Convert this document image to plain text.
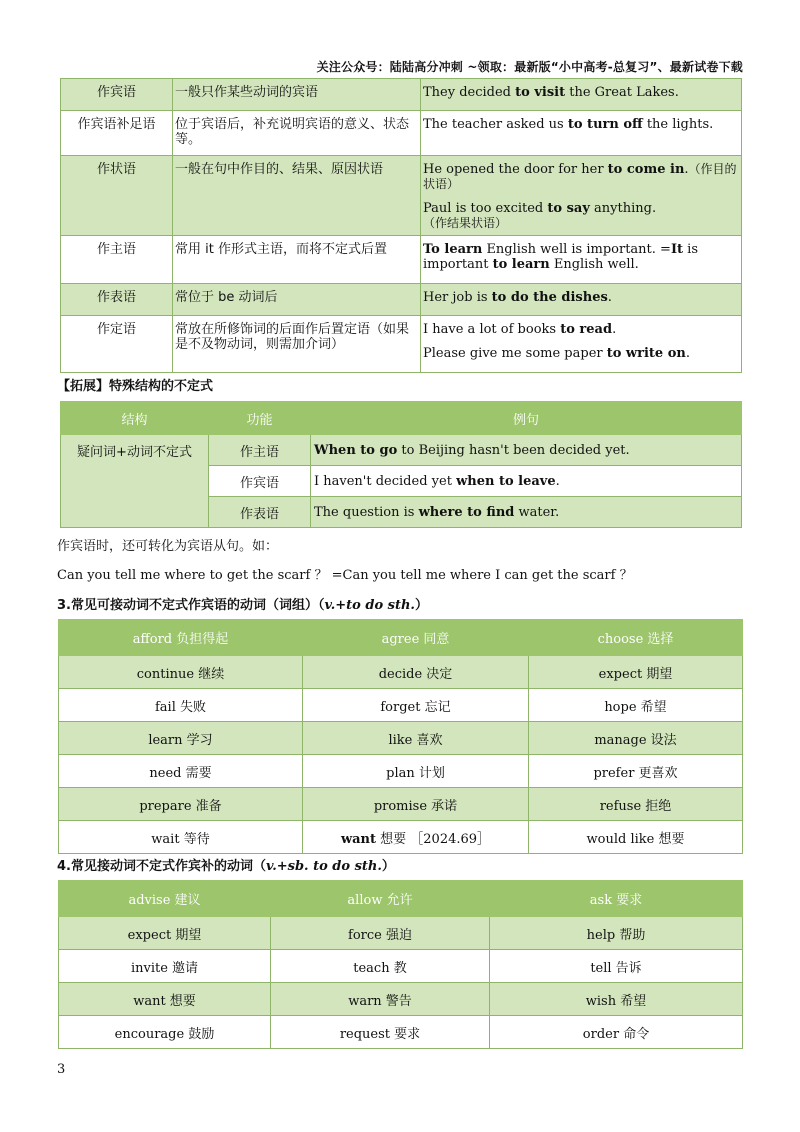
关注公众号：陆陆高分冲刺 ~领取：最新版“小中高考-总复习”、最新试卷下载
作宾语	一般只作某些动词的宾语	They decided to visit the Great Lakes.

作宾语补足语	位于宾语后，补充说明宾语的意义、状态等。	The teacher asked us to turn off the lights.

作状语	一般在句中作目的、结果、原因状语	He opened the door for her to come in.（作目的状语）
Paul is too excited to say anything.（作结果状语）

作主语	常用 it 作形式主语，而将不定式后置	To learn English well is important. =It is important to learn English well.

作表语	常位于 be 动词后	Her job is to do the dishes.

作定语	常放在所修饰词的后面作后置定语（如果是不及物动词，则需加介词）	I have a lot of books to read.
Please give me some paper to write on.
【拓展】特殊结构的不定式
结构	功能	例句
疑问词+动词不定式	作主语	When to go to Beijing hasn't been decided yet.
	作宾语	I haven't decided yet when to leave.
	作表语	The question is where to find water.
作宾语时，还可转化为宾语从句。如：
Can you tell me where to get the scarf ？ =Can you tell me where I can get the scarf ？
3.常见可接动词不定式作宾语的动词（词组）（v.+to do sth.）
afford 负担得起	agree 同意	choose 选择
continue 继续	decide 决定	expect 期望
fail 失败	forget 忘记	hope 希望
learn 学习	like 喜欢	manage 设法
need 需要	plan 计划	prefer 更喜欢
prepare 准备	promise 承诺	refuse 拒绝
wait 等待	want 想要 ［2024.69］	would like 想要
4.常见接动词不定式作宾补的动词（v.+sb. to do sth.）
advise 建议	allow 允许	ask 要求
expect 期望	force 强迫	help 帮助
invite 邀请	teach 教	tell 告诉
want 想要	warn 警告	wish 希望
encourage 鼓励	request 要求	order 命令
3
